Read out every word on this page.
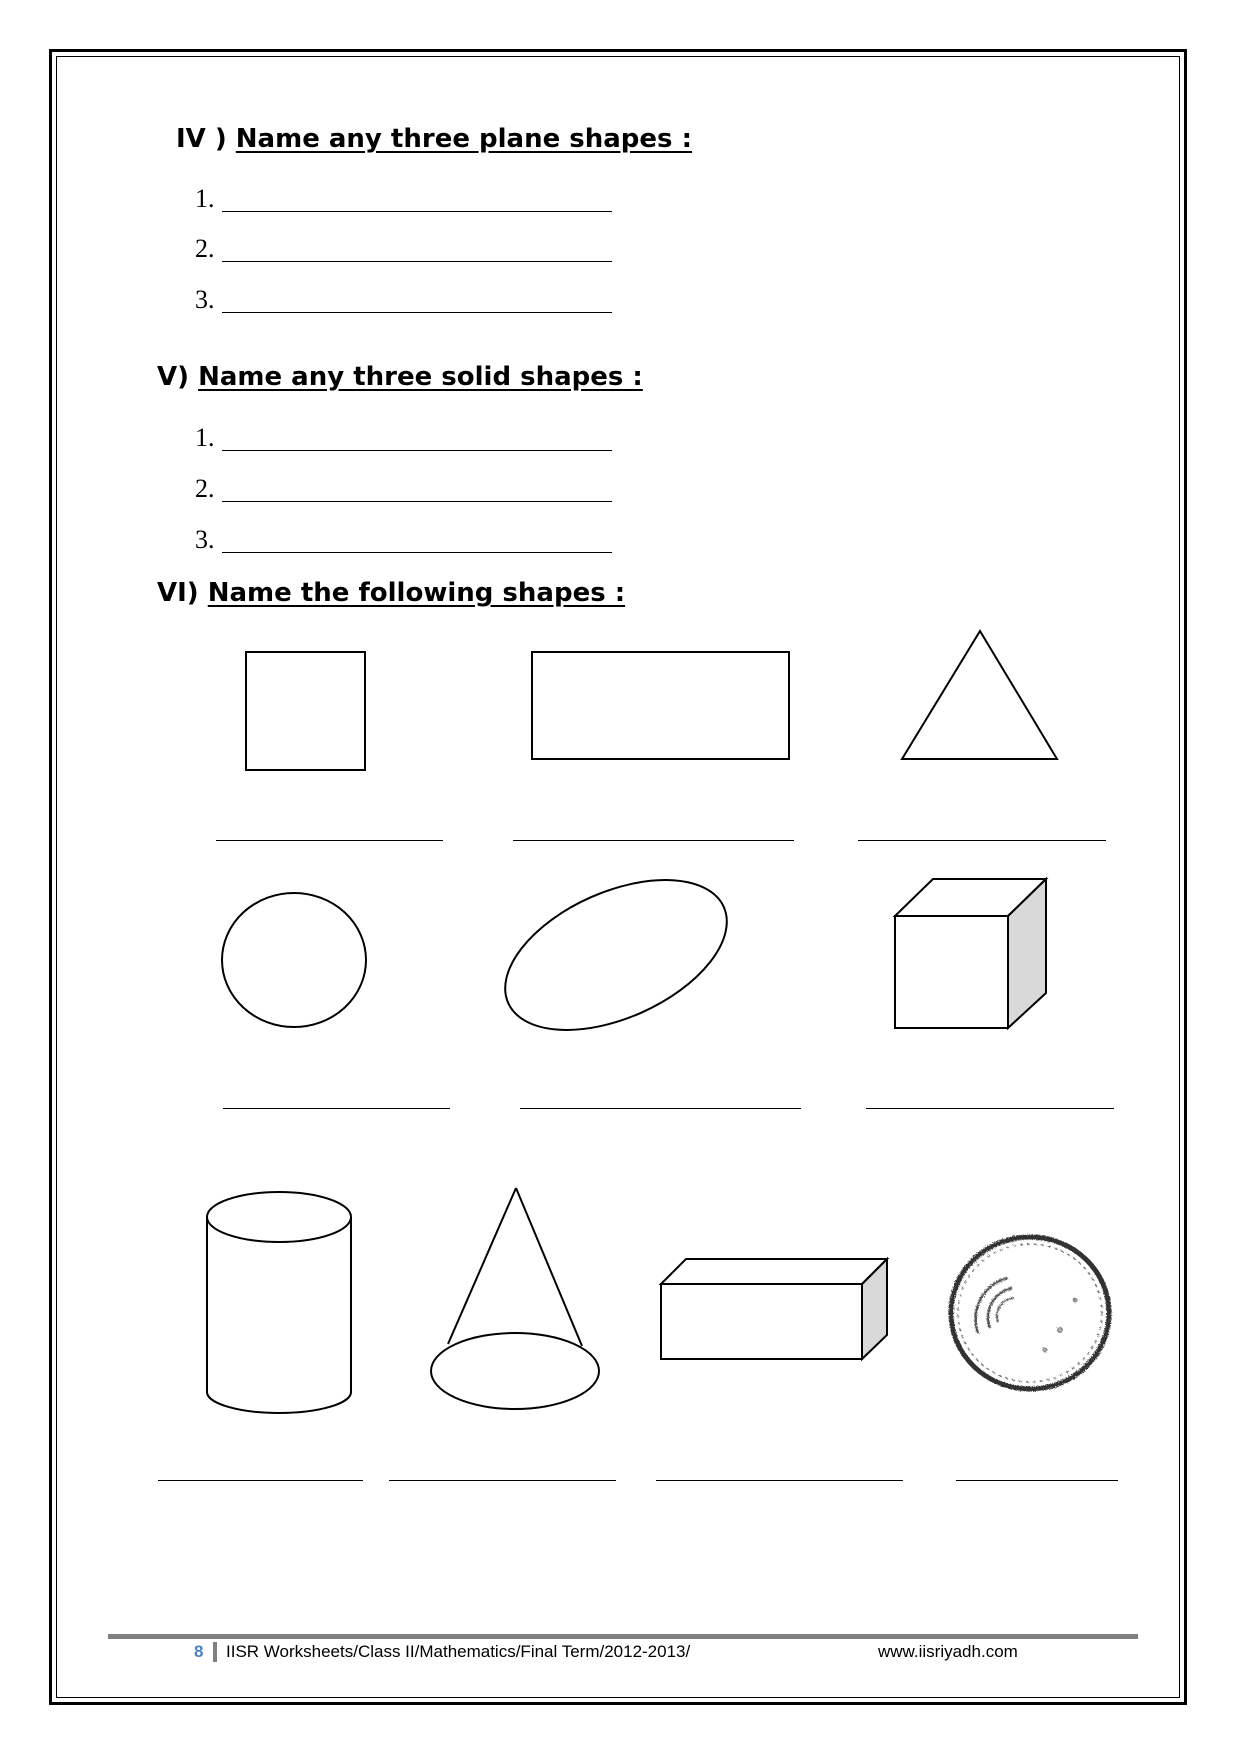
IV ) Name any three plane shapes :
1.
2.
3.
V) Name any three solid shapes :
1.
2.
3.
VI) Name the following shapes :
8 IISR Worksheets/Class II/Mathematics/Final Term/2012-2013/	www.iisriyadh.com
